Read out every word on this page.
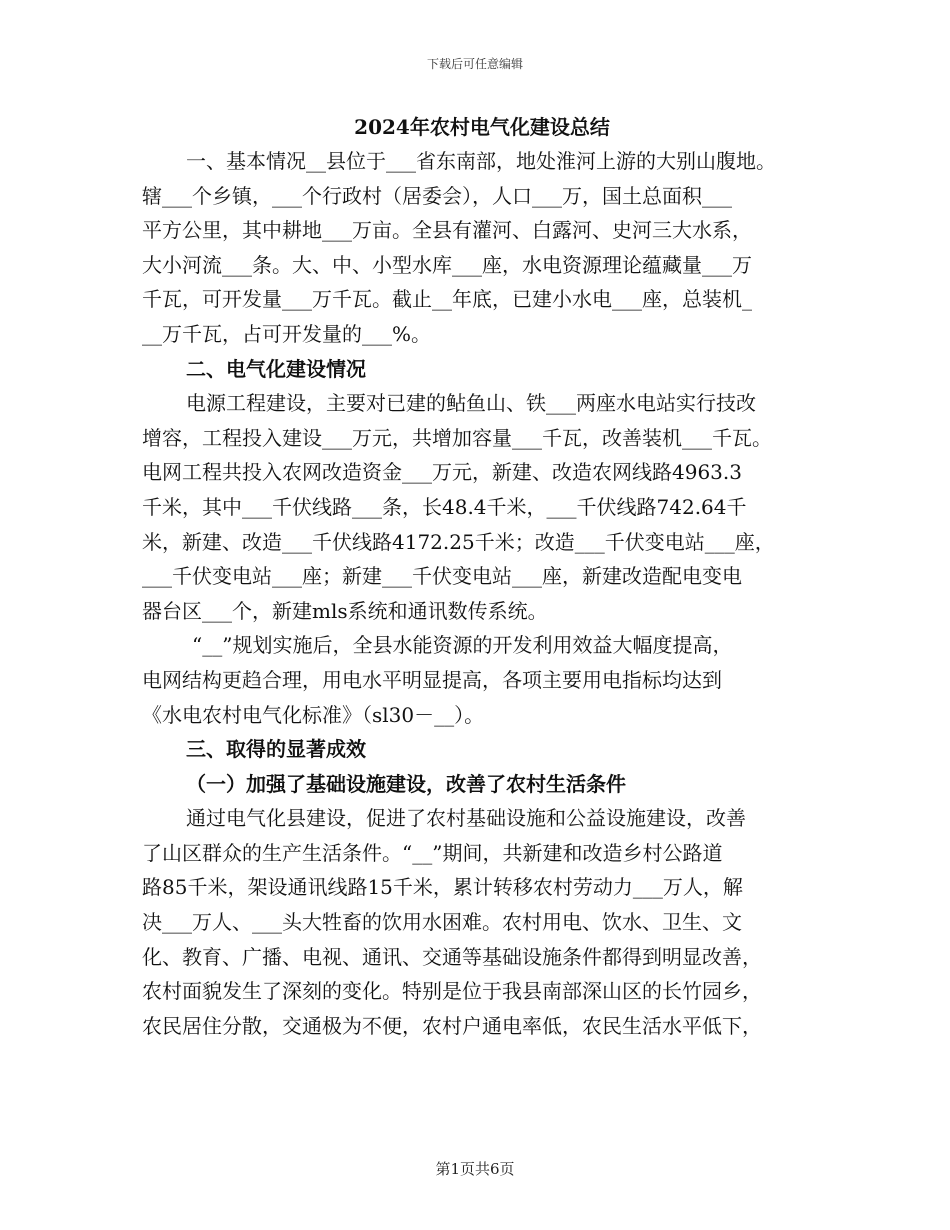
下载后可任意编辑
2024年农村电气化建设总结
一、基本情况__县位于___省东南部，地处淮河上游的大别山腹地。
辖___个乡镇，___个行政村（居委会），人口___万，国土总面积___
平方公里，其中耕地___万亩。全县有灌河、白露河、史河三大水系，
大小河流___条。大、中、小型水库___座，水电资源理论蕴藏量___万
千瓦，可开发量___万千瓦。截止__年底，已建小水电___座，总装机_
__万千瓦，占可开发量的___%。
二、电气化建设情况
电源工程建设，主要对已建的鲇鱼山、铁___两座水电站实行技改
增容，工程投入建设___万元，共增加容量___千瓦，改善装机___千瓦。
电网工程共投入农网改造资金___万元，新建、改造农网线路4963.3
千米，其中___千伏线路___条，长48.4千米，___千伏线路742.64千
米，新建、改造___千伏线路4172.25千米；改造___千伏变电站___座，
___千伏变电站___座；新建___千伏变电站___座，新建改造配电变电
器台区___个，新建mls系统和通讯数传系统。
“__”规划实施后，全县水能资源的开发利用效益大幅度提高，
电网结构更趋合理，用电水平明显提高，各项主要用电指标均达到
《水电农村电气化标准》（sl30－__）。
三、取得的显著成效
（一）加强了基础设施建设，改善了农村生活条件
通过电气化县建设，促进了农村基础设施和公益设施建设，改善
了山区群众的生产生活条件。“__”期间，共新建和改造乡村公路道
路85千米，架设通讯线路15千米，累计转移农村劳动力___万人，解
决___万人、___头大牲畜的饮用水困难。农村用电、饮水、卫生、文
化、教育、广播、电视、通讯、交通等基础设施条件都得到明显改善，
农村面貌发生了深刻的变化。特别是位于我县南部深山区的长竹园乡，
农民居住分散，交通极为不便，农村户通电率低，农民生活水平低下，
第1页共6页
